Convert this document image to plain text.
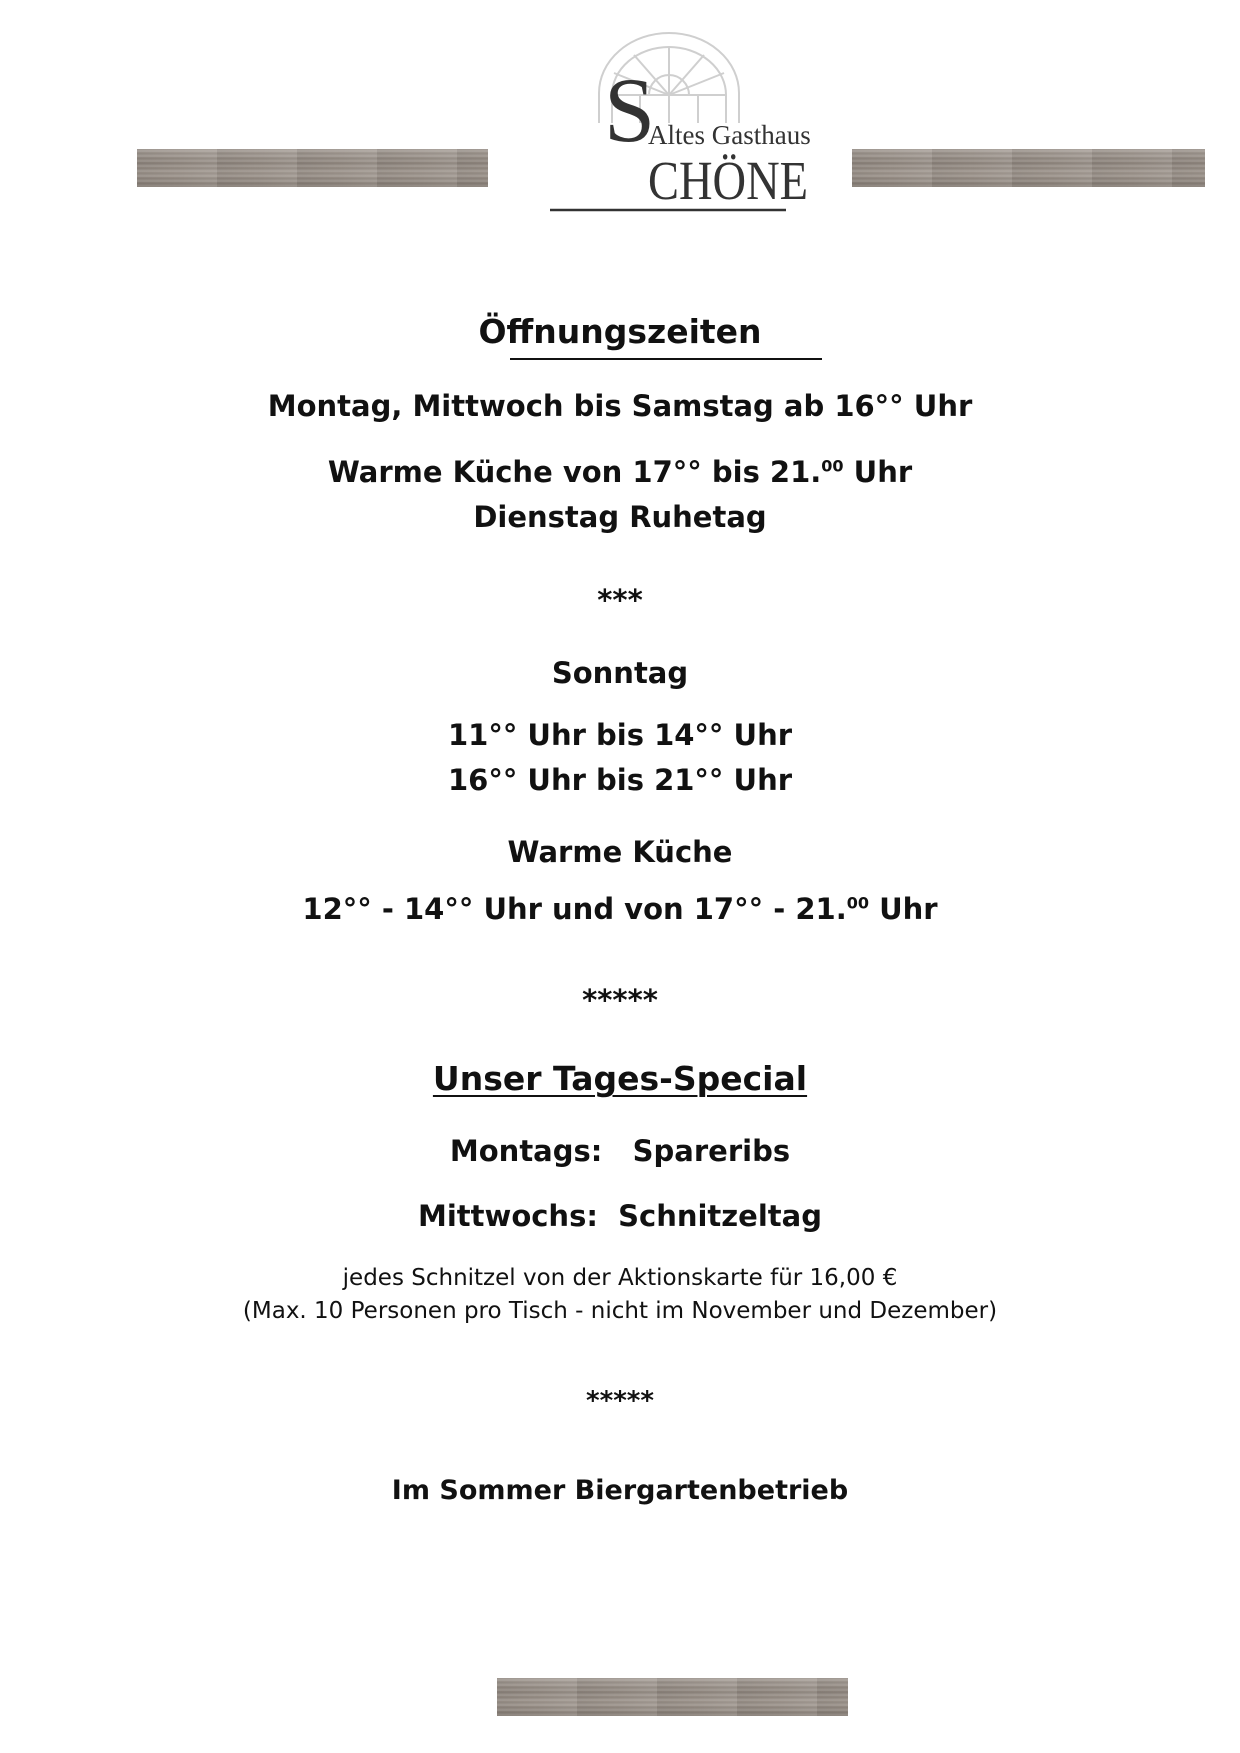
S
Altes Gasthaus
CHÖNE
Öffnungszeiten
Montag, Mittwoch bis Samstag ab 16°° Uhr
Warme Küche von 17°° bis 21.00 Uhr
Dienstag Ruhetag
***
Sonntag
11°° Uhr bis 14°° Uhr
16°° Uhr bis 21°° Uhr
Warme Küche
12°° - 14°° Uhr und von 17°° - 21.00 Uhr
*****
Unser Tages-Special
Montags:   Spareribs
Mittwochs:  Schnitzeltag
jedes Schnitzel von der Aktionskarte für 16,00 €
(Max. 10 Personen pro Tisch - nicht im November und Dezember)
*****
Im Sommer Biergartenbetrieb
